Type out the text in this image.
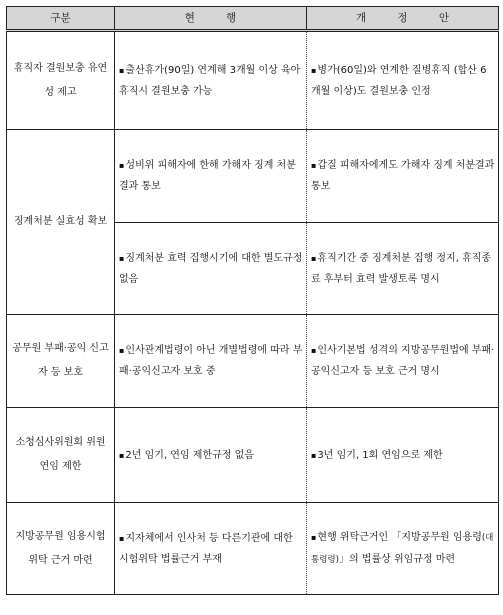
구분	현 행	개 정 안
휴직자 결원보충 유연성 제고	▪출산휴가(90일) 연계해 3개월 이상 육아휴직시 결원보충 가능	▪병가(60일)와 연계한 질병휴직 (합산 6개월 이상)도 결원보충 인정
징계처분 실효성 확보	▪성비위 피해자에 한해 가해자 징계 처분결과 통보	▪갑질 피해자에게도 가해자 징계 처분결과 통보
	▪징계처분 효력 집행시기에 대한 별도규정 없음	▪휴직기간 중 징계처분 집행 정지, 휴직종료 후부터 효력 발생토록 명시
공무원 부패·공익 신고자 등 보호	▪인사관계법령이 아닌 개별법령에 따라 부패·공익신고자 보호 중	▪인사기본법 성격의 지방공무원법에 부패·공익신고자 등 보호 근거 명시
소청심사위원회 위원 연임 제한	▪2년 임기, 연임 제한규정 없음	▪3년 임기, 1회 연임으로 제한
지방공무원 임용시험 위탁 근거 마련	▪지자체에서 인사처 등 다른기관에 대한 시험위탁 법률근거 부재	▪현행 위탁근거인 「지방공무원 임용령(대통령령)」의 법률상 위임규정 마련
